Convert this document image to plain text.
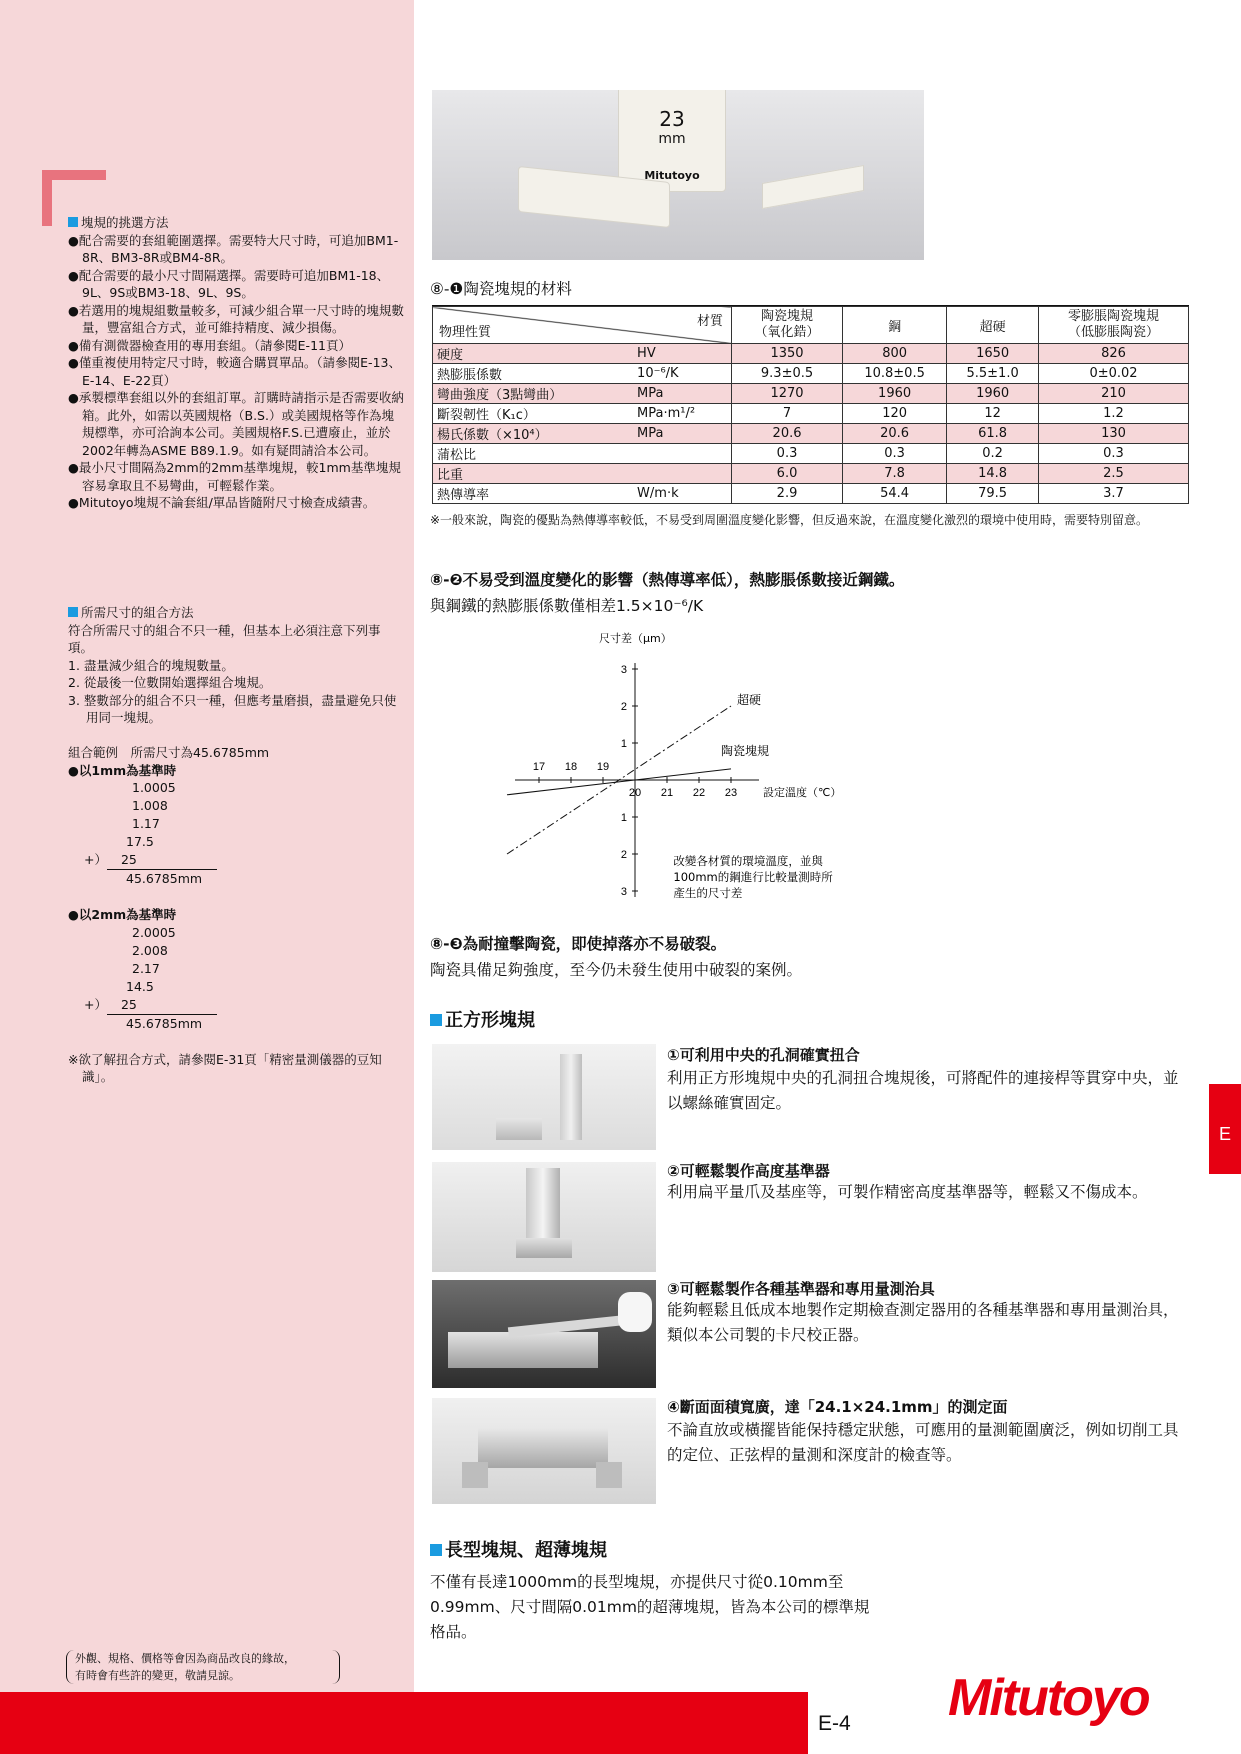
塊規的挑選方法

●配合需要的套組範圍選擇。需要特大尺寸時，可追加BM1-8R、BM3-8R或BM4-8R。

●配合需要的最小尺寸間隔選擇。需要時可追加BM1-18、9L、9S或BM3-18、9L、9S。

●若選用的塊規組數量較多，可減少組合單一尺寸時的塊規數量，豐富組合方式，並可維持精度、減少損傷。

●備有測微器檢查用的專用套組。（請參閱E-11頁）

●僅重複使用特定尺寸時，較適合購買單品。（請參閱E-13、E-14、E-22頁）

●承製標準套組以外的套組訂單。訂購時請指示是否需要收納箱。此外，如需以英國規格（B.S.）或美國規格等作為塊規標準，亦可洽詢本公司。美國規格F.S.已遭廢止，並於2002年轉為ASME B89.1.9。如有疑問請洽本公司。

●最小尺寸間隔為2mm的2mm基準塊規，較1mm基準塊規容易拿取且不易彎曲，可輕鬆作業。

●Mitutoyo塊規不論套組/單品皆隨附尺寸檢查成績書。

所需尺寸的組合方法

符合所需尺寸的組合不只一種，但基本上必須注意下列事項。

1. 盡量減少組合的塊規數量。

2. 從最後一位數開始選擇組合塊規。

3. 整數部分的組合不只一種，但應考量磨損，盡量避免只使用同一塊規。

組合範例　所需尺寸為45.6785mm

●以1mm為基準時

1.0005
1.008
1.17
17.5
+） 25
45.6785mm

●以2mm為基準時

2.0005
2.008
2.17
14.5
+） 25
45.6785mm

※欲了解扭合方式，請參閱E-31頁「精密量測儀器的豆知識」。

外觀、規格、價格等會因為商品改良的緣故，
有時會有些許的變更，敬請見諒。
23
mm
Mitutoyo
⑧-❶陶瓷塊規的材料
物理性質
材質		陶瓷塊規
（氧化鋯）	鋼	超硬	零膨脹陶瓷塊規
（低膨脹陶瓷）
硬度	HV	1350	800	1650	826
熱膨脹係數	10⁻⁶/K	9.3±0.5	10.8±0.5	5.5±1.0	0±0.02
彎曲強度（3點彎曲）	MPa	1270	1960	1960	210
斷裂韌性（K₁c）	MPa·m¹/²	7	120	12	1.2
楊氏係數（×10⁴）	MPa	20.6	20.6	61.8	130
蒲松比		0.3	0.3	0.2	0.3
比重		6.0	7.8	14.8	2.5
熱傳導率	W/m·k	2.9	54.4	79.5	3.7
※一般來說，陶瓷的優點為熱傳導率較低，不易受到周圍溫度變化影響，但反過來說，在溫度變化激烈的環境中使用時，需要特別留意。
⑧-❷不易受到溫度變化的影響（熱傳導率低），熱膨脹係數接近鋼鐵。
與鋼鐵的熱膨脹係數僅相差1.5×10⁻⁶/K
17 18 19
20 21 22 23
3
2
1
1
2
3
尺寸差（μm）
設定溫度（℃）
超硬
陶瓷塊規
改變各材質的環境溫度，並與
100mm的鋼進行比較量測時所
產生的尺寸差
⑧-❸為耐撞擊陶瓷，即使掉落亦不易破裂。
陶瓷具備足夠強度，至今仍未發生使用中破裂的案例。
正方形塊規
①可利用中央的孔洞確實扭合
利用正方形塊規中央的孔洞扭合塊規後，可將配件的連接桿等貫穿中央，並以螺絲確實固定。
②可輕鬆製作高度基準器
利用扁平量爪及基座等，可製作精密高度基準器等，輕鬆又不傷成本。
③可輕鬆製作各種基準器和專用量測治具
能夠輕鬆且低成本地製作定期檢查測定器用的各種基準器和專用量測治具，類似本公司製的卡尺校正器。
④斷面面積寬廣，達「24.1×24.1mm」的測定面
不論直放或橫擺皆能保持穩定狀態，可應用的量測範圍廣泛，例如切削工具的定位、正弦桿的量測和深度計的檢查等。
長型塊規、超薄塊規
不僅有長達1000mm的長型塊規，亦提供尺寸從0.10mm至0.99mm、尺寸間隔0.01mm的超薄塊規，皆為本公司的標準規格品。
E
E-4 Mitutoyo
